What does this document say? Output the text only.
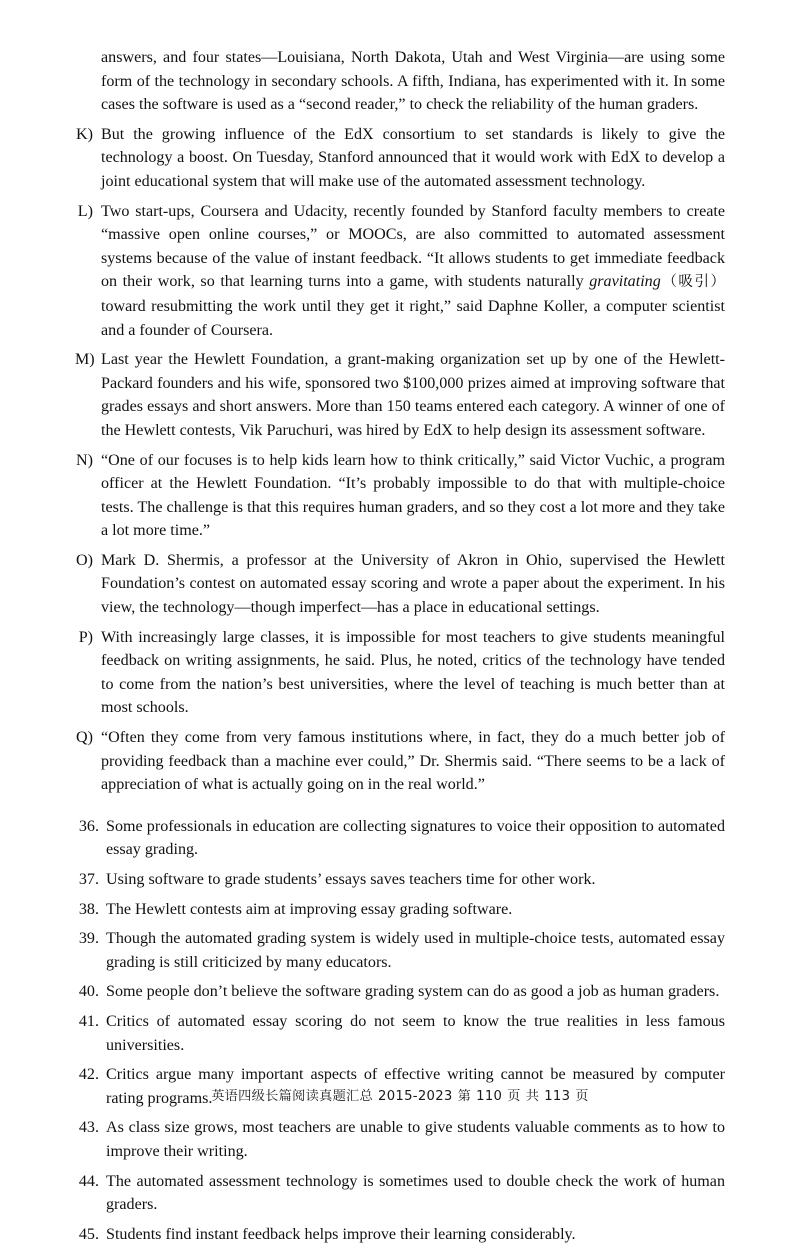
answers, and four states—Louisiana, North Dakota, Utah and West Virginia—are using some form of the technology in secondary schools. A fifth, Indiana, has experimented with it. In some cases the software is used as a “second reader,” to check the reliability of the human graders.
K) But the growing influence of the EdX consortium to set standards is likely to give the technology a boost. On Tuesday, Stanford announced that it would work with EdX to develop a joint educational system that will make use of the automated assessment technology.
L) Two start-ups, Coursera and Udacity, recently founded by Stanford faculty members to create “massive open online courses,” or MOOCs, are also committed to automated assessment systems because of the value of instant feedback. “It allows students to get immediate feedback on their work, so that learning turns into a game, with students naturally gravitating（吸引） toward resubmitting the work until they get it right,” said Daphne Koller, a computer scientist and a founder of Coursera.
M) Last year the Hewlett Foundation, a grant-making organization set up by one of the Hewlett-Packard founders and his wife, sponsored two $100,000 prizes aimed at improving software that grades essays and short answers. More than 150 teams entered each category. A winner of one of the Hewlett contests, Vik Paruchuri, was hired by EdX to help design its assessment software.
N) “One of our focuses is to help kids learn how to think critically,” said Victor Vuchic, a program officer at the Hewlett Foundation. “It’s probably impossible to do that with multiple-choice tests. The challenge is that this requires human graders, and so they cost a lot more and they take a lot more time.”
O) Mark D. Shermis, a professor at the University of Akron in Ohio, supervised the Hewlett Foundation’s contest on automated essay scoring and wrote a paper about the experiment. In his view, the technology—though imperfect—has a place in educational settings.
P) With increasingly large classes, it is impossible for most teachers to give students meaningful feedback on writing assignments, he said. Plus, he noted, critics of the technology have tended to come from the nation’s best universities, where the level of teaching is much better than at most schools.
Q) “Often they come from very famous institutions where, in fact, they do a much better job of providing feedback than a machine ever could,” Dr. Shermis said. “There seems to be a lack of appreciation of what is actually going on in the real world.”
36. Some professionals in education are collecting signatures to voice their opposition to automated essay grading.
37. Using software to grade students’ essays saves teachers time for other work.
38. The Hewlett contests aim at improving essay grading software.
39. Though the automated grading system is widely used in multiple-choice tests, automated essay grading is still criticized by many educators.
40. Some people don’t believe the software grading system can do as good a job as human graders.
41. Critics of automated essay scoring do not seem to know the true realities in less famous universities.
42. Critics argue many important aspects of effective writing cannot be measured by computer rating programs.
43. As class size grows, most teachers are unable to give students valuable comments as to how to improve their writing.
44. The automated assessment technology is sometimes used to double check the work of human graders.
45. Students find instant feedback helps improve their learning considerably.
英语四级长篇阅读真题汇总 2015-2023 第 110 页 共 113 页
